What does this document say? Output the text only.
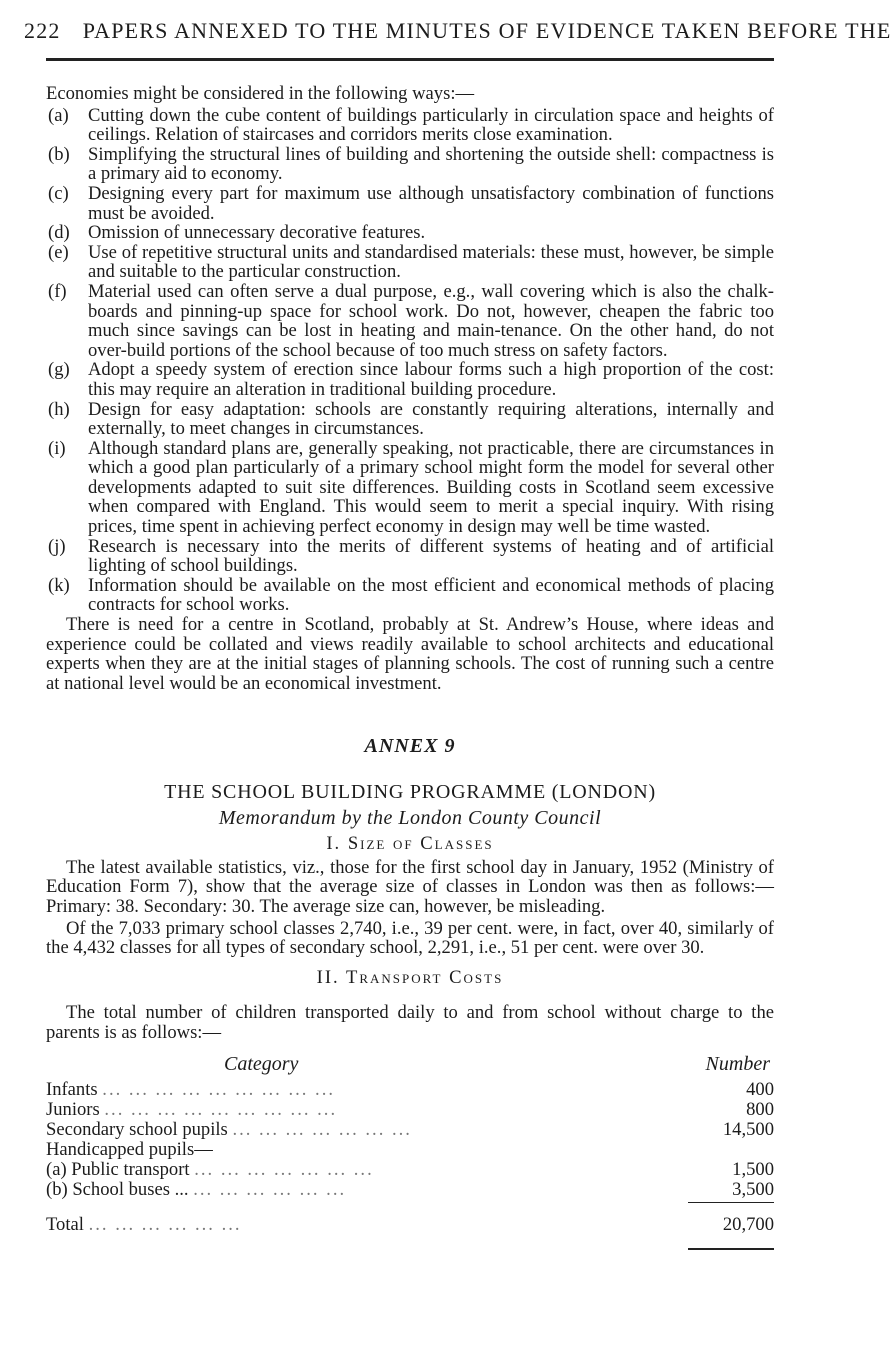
222 PAPERS ANNEXED TO THE MINUTES OF EVIDENCE TAKEN BEFORE THE

Economies might be considered in the following ways:—

(a)	Cutting down the cube content of buildings particularly in circulation space and heights of ceilings. Relation of staircases and corridors merits close examination.
(b) Simplifying the structural lines of building and shortening the outside shell: compactness is a primary aid to economy.
(c)	Designing every part for maximum use although unsatisfactory combination of functions must be avoided.
(d) Omission of unnecessary decorative features.
(e)	Use of repetitive structural units and standardised materials: these must, however, be simple and suitable to the particular construction.
(f)	Material used can often serve a dual purpose, e.g., wall covering which is also the chalk-boards and pinning-up space for school work. Do not, however, cheapen the fabric too much since savings can be lost in heating and main-tenance. On the other hand, do not over-build portions of the school because of too much stress on safety factors.
(g) Adopt a speedy system of erection since labour forms such a high proportion of the cost: this may require an alteration in traditional building procedure.
(h) Design for easy adaptation: schools are constantly requiring alterations, internally and externally, to meet changes in circumstances.
(i)	Although standard plans are, generally speaking, not practicable, there are circumstances in which a good plan particularly of a primary school might form the model for several other developments adapted to suit site differences. Building costs in Scotland seem excessive when compared with England. This would seem to merit a special inquiry. With rising prices, time spent in achieving perfect economy in design may well be time wasted.
(j)	Research is necessary into the merits of different systems of heating and of artificial lighting of school buildings.
(k) Information should be available on the most efficient and economical methods of placing contracts for school works.

There is need for a centre in Scotland, probably at St. Andrew’s House, where ideas and experience could be collated and views readily available to school architects and educational experts when they are at the initial stages of planning schools. The cost of running such a centre at national level would be an economical investment.

ANNEX 9
THE SCHOOL BUILDING PROGRAMME (LONDON)
Memorandum by the London County Council
I. Size of Classes

The latest available statistics, viz., those for the first school day in January, 1952 (Ministry of Education Form 7), show that the average size of classes in London was then as follows:—Primary: 38. Secondary: 30. The average size can, however, be misleading.

Of the 7,033 primary school classes 2,740, i.e., 39 per cent. were, in fact, over 40, similarly of the 4,432 classes for all types of secondary school, 2,291, i.e., 51 per cent. were over 30.

II. Transport Costs

The total number of children transported daily to and from school without charge to the parents is as follows:—

Category	Number
Infants ... ... ... ... ... ... ... ... ...	400
Juniors ... ... ... ... ... ... ... ... ...	800
Secondary school pupils ... ... ... ... ... ... ...	14,500
Handicapped pupils—	
(a) Public transport ... ... ... ... ... ... ...	1,500
(b) School buses ... ... ... ... ... ... ...	3,500

Total ... ... ... ... ... ...	20,700
